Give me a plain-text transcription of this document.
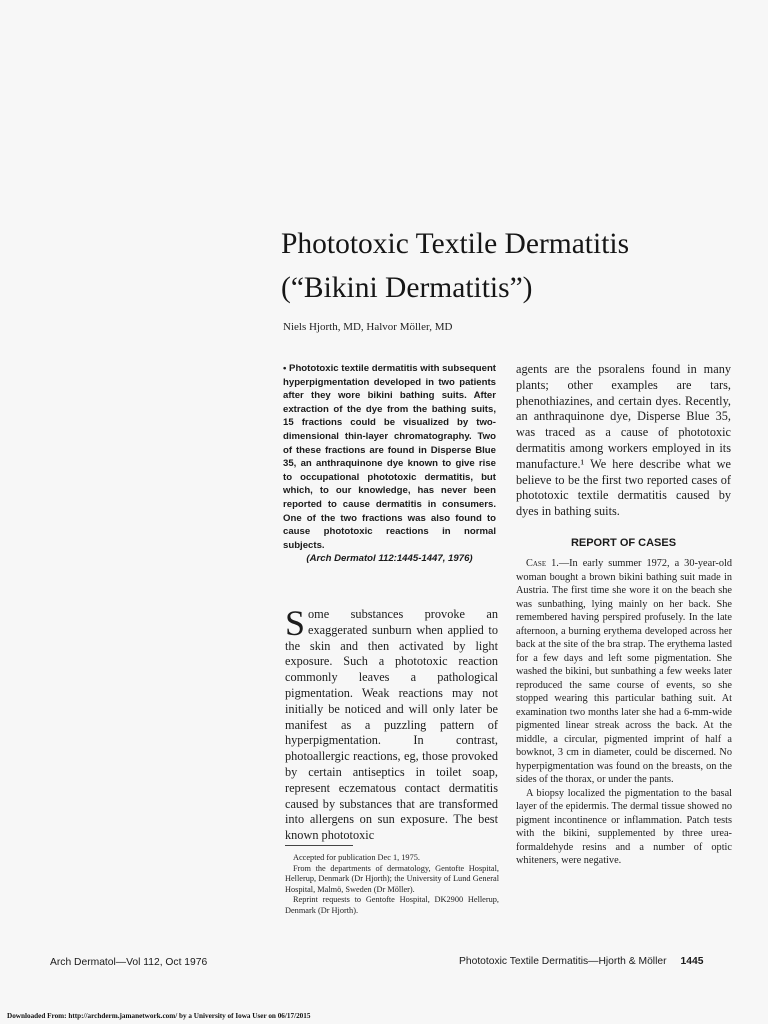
Phototoxic Textile Dermatitis
(“Bikini Dermatitis”)
Niels Hjorth, MD, Halvor Möller, MD
• Phototoxic textile dermatitis with subsequent hyperpigmentation developed in two patients after they wore bikini bathing suits. After extraction of the dye from the bathing suits, 15 fractions could be visualized by two-dimensional thin-layer chromatography. Two of these fractions are found in Disperse Blue 35, an anthraquinone dye known to give rise to occupational phototoxic dermatitis, but which, to our knowledge, has never been reported to cause dermatitis in consumers. One of the two fractions was also found to cause phototoxic reactions in normal subjects.
(Arch Dermatol 112:1445-1447, 1976)
Some substances provoke an exaggerated sunburn when applied to the skin and then activated by light exposure. Such a phototoxic reaction commonly leaves a pathological pigmentation. Weak reactions may not initially be noticed and will only later be manifest as a puzzling pattern of hyperpigmentation. In contrast, photoallergic reactions, eg, those provoked by certain antiseptics in toilet soap, represent eczematous contact dermatitis caused by substances that are transformed into allergens on sun exposure. The best known phototoxic

Accepted for publication Dec 1, 1975.

From the departments of dermatology, Gentofte Hospital, Hellerup, Denmark (Dr Hjorth); the University of Lund General Hospital, Malmö, Sweden (Dr Möller).

Reprint requests to Gentofte Hospital, DK2900 Hellerup, Denmark (Dr Hjorth).

agents are the psoralens found in many plants; other examples are tars, phenothiazines, and certain dyes. Recently, an anthraquinone dye, Disperse Blue 35, was traced as a cause of phototoxic dermatitis among workers employed in its manufacture.¹ We here describe what we believe to be the first two reported cases of phototoxic textile dermatitis caused by dyes in bathing suits.

REPORT OF CASES

Case 1.—In early summer 1972, a 30-year-old woman bought a brown bikini bathing suit made in Austria. The first time she wore it on the beach she was sunbathing, lying mainly on her back. She remembered having perspired profusely. In the late afternoon, a burning erythema developed across her back at the site of the bra strap. The erythema lasted for a few days and left some pigmentation. She washed the bikini, but sunbathing a few weeks later reproduced the same course of events, so she stopped wearing this particular bathing suit. At examination two months later she had a 6-mm-wide pigmented linear streak across the back. At the middle, a circular, pigmented imprint of half a bowknot, 3 cm in diameter, could be discerned. No hyperpigmentation was found on the breasts, on the sides of the thorax, or under the pants.

A biopsy localized the pigmentation to the basal layer of the epidermis. The dermal tissue showed no pigment incontinence or inflammation. Patch tests with the bikini, supplemented by three urea-formaldehyde resins and a number of optic whiteners, were negative.

Arch Dermatol—Vol 112, Oct 1976	Phototoxic Textile Dermatitis—Hjorth & Möller 1445
Downloaded From: http://archderm.jamanetwork.com/ by a University of Iowa User on 06/17/2015
